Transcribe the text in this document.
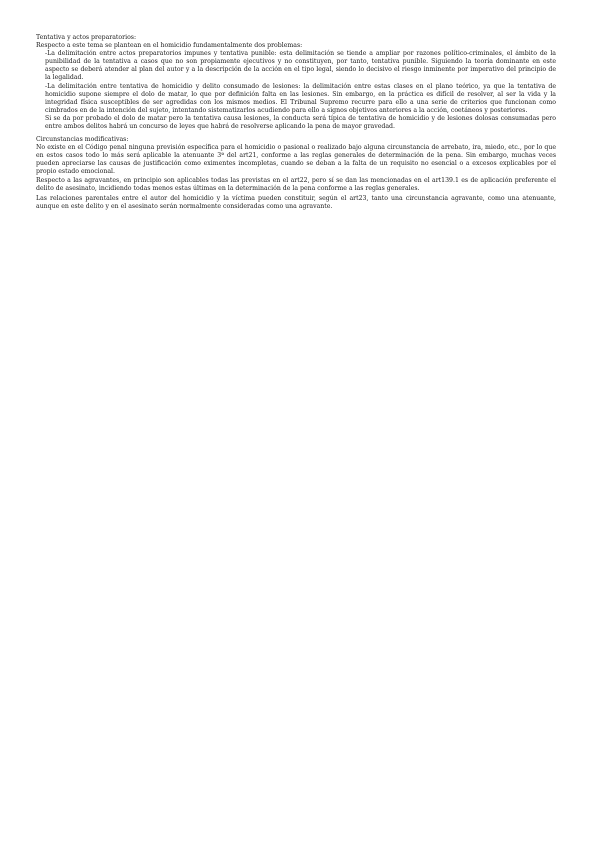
Tentativa y actos preparatorios:

Respecto a este tema se plantean en el homicidio fundamentalmente dos problemas:

-La delimitación entre actos preparatorios impunes y tentativa punible: esta delimitación se tiende a ampliar por razones político-criminales, el ámbito de la punibilidad de la tentativa a casos que no son propiamente ejecutivos y no constituyen, por tanto, tentativa punible. Siguiendo la teoría dominante en este aspecto se deberá atender al plan del autor y a la descripción de la acción en el tipo legal, siendo lo decisivo el riesgo inminente por imperativo del principio de la legalidad.

-La delimitación entre tentativa de homicidio y delito consumado de lesiones: la delimitación entre estas clases en el plano teórico, ya que la tentativa de homicidio supone siempre el dolo de matar, lo que por definición falta en las lesiones. Sin embargo, en la práctica es difícil de resolver, al ser la vida y la integridad física susceptibles de ser agredidas con los mismos medios. El Tribunal Supremo recurre para ello a una serie de criterios que funcionan como cimbrados en de la intención del sujeto, intentando sistematizarlos acudiendo para ello a signos objetivos anteriores a la acción, coetáneos y posteriores.

Si se da por probado el dolo de matar pero la tentativa causa lesiones, la conducta será típica de tentativa de homicidio y de lesiones dolosas consumadas pero entre ambos delitos habrá un concurso de leyes que habrá de resolverse aplicando la pena de mayor gravedad.

Circunstancias modificativas:

No existe en el Código penal ninguna previsión específica para el homicidio o pasional o realizado bajo alguna circunstancia de arrebato, ira, miedo, etc., por lo que en estos casos todo lo más será aplicable la atenuante 3ª del art21, conforme a las reglas generales de determinación de la pena. Sin embargo, muchas veces pueden apreciarse las causas de justificación como eximentes incompletas, cuando se deban a la falta de un requisito no esencial o a excesos explicables por el propio estado emocional.

Respecto a las agravantes, en principio son aplicables todas las previstas en el art22, pero sí se dan las mencionadas en el art139.1 es de aplicación preferente el delito de asesinato, incidiendo todas menos estas últimas en la determinación de la pena conforme a las reglas generales.

Las relaciones parentales entre el autor del homicidio y la víctima pueden constituir, según el art23, tanto una circunstancia agravante, como una atenuante, aunque en este delito y en el asesinato serán normalmente consideradas como una agravante.
